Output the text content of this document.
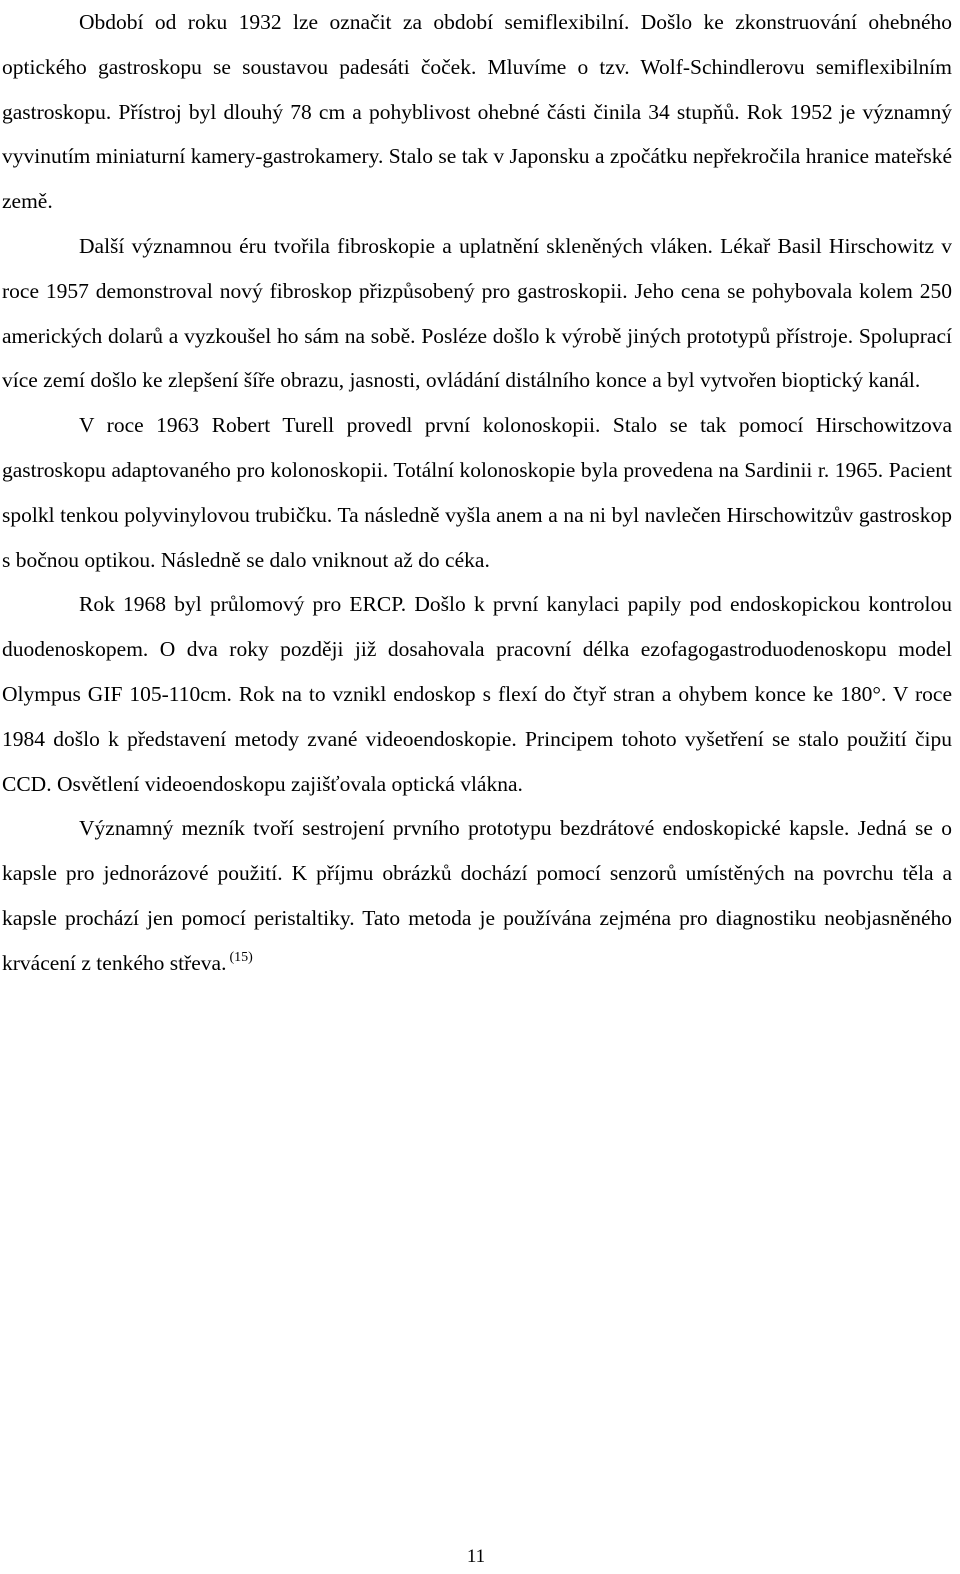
Období od roku 1932 lze označit za období semiflexibilní. Došlo ke zkonstruování ohebného optického gastroskopu se soustavou padesáti čoček. Mluvíme o tzv. Wolf-Schindlerovu semiflexibilním gastroskopu. Přístroj byl dlouhý 78 cm a pohyblivost ohebné části činila 34 stupňů. Rok 1952 je významný vyvinutím miniaturní kamery-gastrokamery. Stalo se tak v Japonsku a zpočátku nepřekročila hranice mateřské země.

Další významnou éru tvořila fibroskopie a uplatnění skleněných vláken. Lékař Basil Hirschowitz v roce 1957 demonstroval nový fibroskop přizpůsobený pro gastroskopii. Jeho cena se pohybovala kolem 250 amerických dolarů a vyzkoušel ho sám na sobě. Posléze došlo k výrobě jiných prototypů přístroje. Spoluprací více zemí došlo ke zlepšení šíře obrazu, jasnosti, ovládání distálního konce a byl vytvořen bioptický kanál.

V roce 1963 Robert Turell provedl první kolonoskopii. Stalo se tak pomocí Hirschowitzova gastroskopu adaptovaného pro kolonoskopii. Totální kolonoskopie byla provedena na Sardinii r. 1965. Pacient spolkl tenkou polyvinylovou trubičku. Ta následně vyšla anem a na ni byl navlečen Hirschowitzův gastroskop s bočnou optikou. Následně se dalo vniknout až do céka.

Rok 1968 byl průlomový pro ERCP. Došlo k první kanylaci papily pod endoskopickou kontrolou duodenoskopem. O dva roky později již dosahovala pracovní délka ezofagogastroduodenoskopu model Olympus GIF 105-110cm. Rok na to vznikl endoskop s flexí do čtyř stran a ohybem konce ke 180°. V roce 1984 došlo k představení metody zvané videoendoskopie. Principem tohoto vyšetření se stalo použití čipu CCD. Osvětlení videoendoskopu zajišťovala optická vlákna.

Významný mezník tvoří sestrojení prvního prototypu bezdrátové endoskopické kapsle. Jedná se o kapsle pro jednorázové použití. K příjmu obrázků dochází pomocí senzorů umístěných na povrchu těla a kapsle prochází jen pomocí peristaltiky. Tato metoda je používána zejména pro diagnostiku neobjasněného krvácení z tenkého střeva. $^{(15)}$

11
